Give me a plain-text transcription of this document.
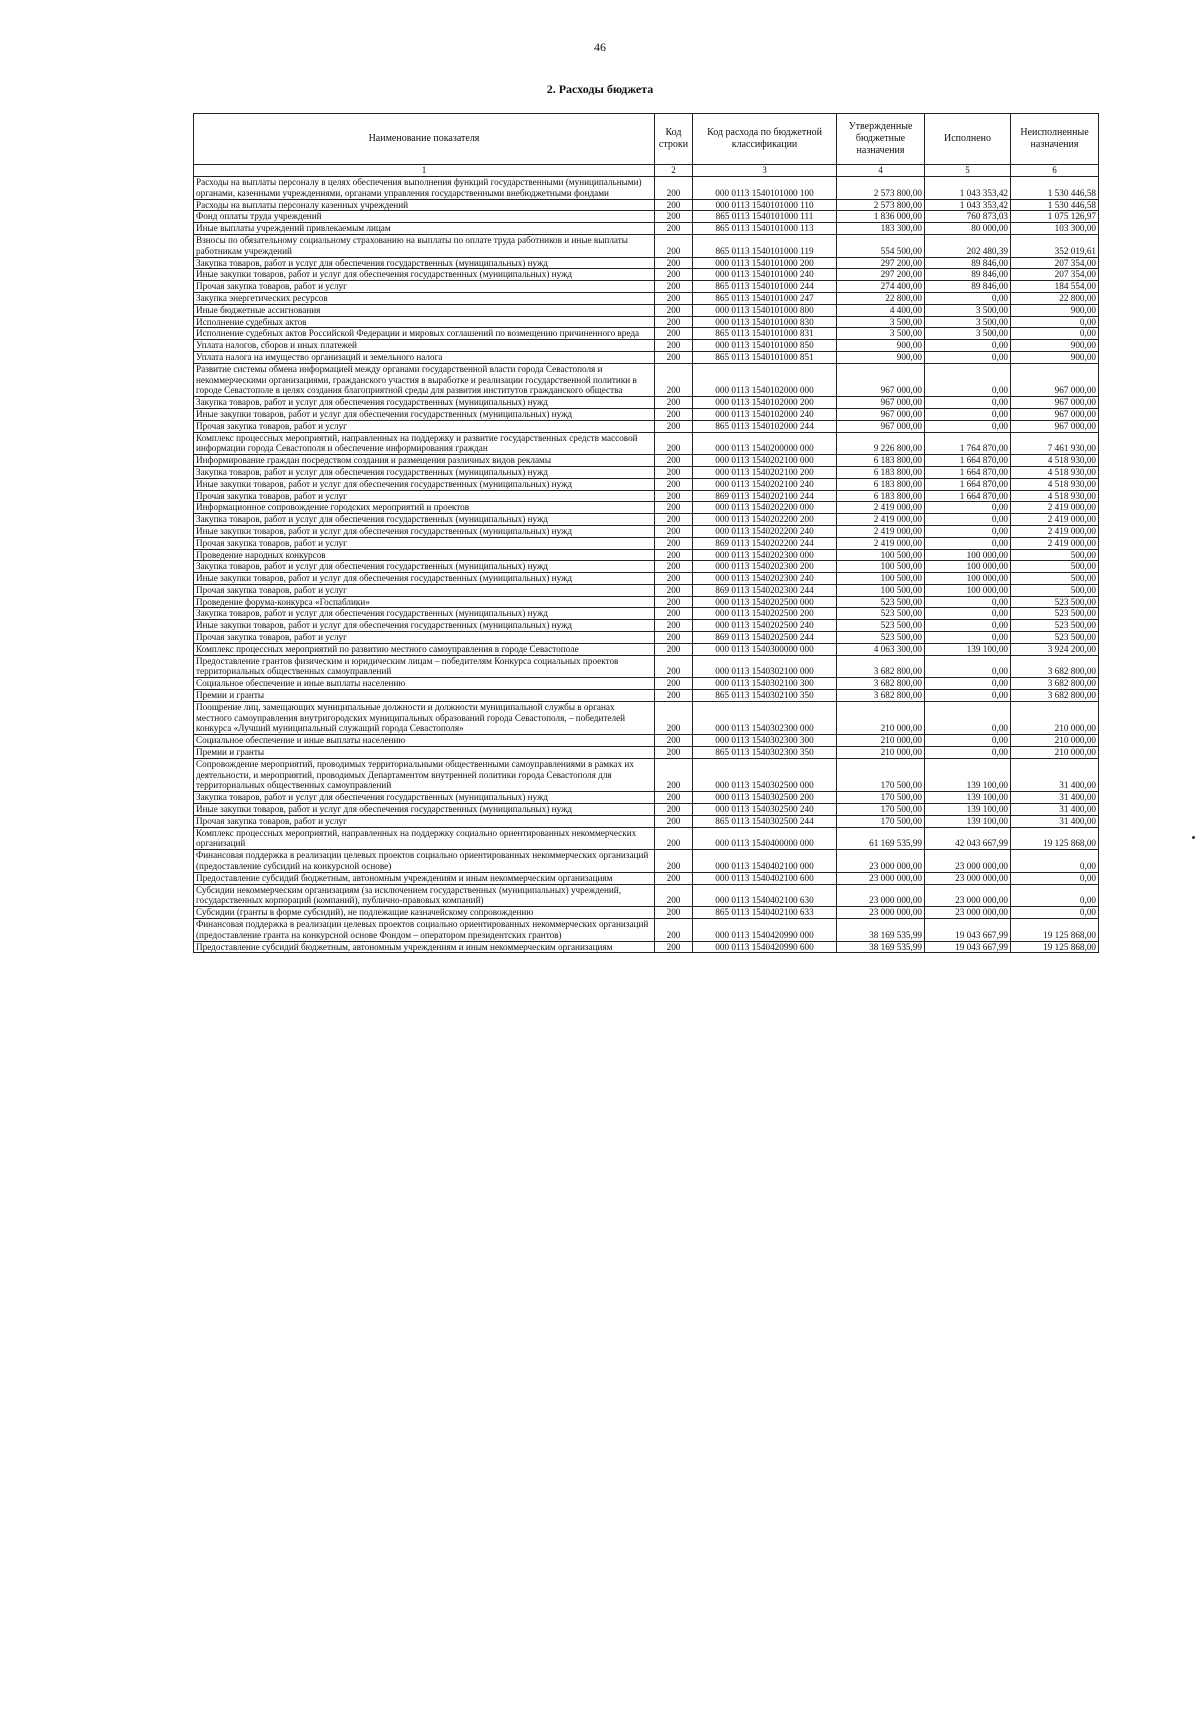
46
2. Расходы бюджета
Наименование показателя	Код строки	Код расхода по бюджетной классификации	Утвержденные бюджетные назначения	Исполнено	Неисполненные назначения
1	2	3	4	5	6
Расходы на выплаты персоналу в целях обеспечения выполнения функций государственными (муниципальными) органами, казенными учреждениями, органами управления государственными внебюджетными фондами	200	000 0113 1540101000 100	2 573 800,00	1 043 353,42	1 530 446,58
Расходы на выплаты персоналу казенных учреждений	200	000 0113 1540101000 110	2 573 800,00	1 043 353,42	1 530 446,58
Фонд оплаты труда учреждений	200	865 0113 1540101000 111	1 836 000,00	760 873,03	1 075 126,97
Иные выплаты учреждений привлекаемым лицам	200	865 0113 1540101000 113	183 300,00	80 000,00	103 300,00
Взносы по обязательному социальному страхованию на выплаты по оплате труда работников и иные выплаты работникам учреждений	200	865 0113 1540101000 119	554 500,00	202 480,39	352 019,61
Закупка товаров, работ и услуг для обеспечения государственных (муниципальных) нужд	200	000 0113 1540101000 200	297 200,00	89 846,00	207 354,00
Иные закупки товаров, работ и услуг для обеспечения государственных (муниципальных) нужд	200	000 0113 1540101000 240	297 200,00	89 846,00	207 354,00
Прочая закупка товаров, работ и услуг	200	865 0113 1540101000 244	274 400,00	89 846,00	184 554,00
Закупка энергетических ресурсов	200	865 0113 1540101000 247	22 800,00	0,00	22 800,00
Иные бюджетные ассигнования	200	000 0113 1540101000 800	4 400,00	3 500,00	900,00
Исполнение судебных актов	200	000 0113 1540101000 830	3 500,00	3 500,00	0,00
Исполнение судебных актов Российской Федерации и мировых соглашений по возмещению причиненного вреда	200	865 0113 1540101000 831	3 500,00	3 500,00	0,00
Уплата налогов, сборов и иных платежей	200	000 0113 1540101000 850	900,00	0,00	900,00
Уплата налога на имущество организаций и земельного налога	200	865 0113 1540101000 851	900,00	0,00	900,00
Развитие системы обмена информацией между органами государственной власти города Севастополя и некоммерческими организациями, гражданского участия в выработке и реализации государственной политики в городе Севастополе в целях создания благоприятной среды для развития институтов гражданского общества	200	000 0113 1540102000 000	967 000,00	0,00	967 000,00
Закупка товаров, работ и услуг для обеспечения государственных (муниципальных) нужд	200	000 0113 1540102000 200	967 000,00	0,00	967 000,00
Иные закупки товаров, работ и услуг для обеспечения государственных (муниципальных) нужд	200	000 0113 1540102000 240	967 000,00	0,00	967 000,00
Прочая закупка товаров, работ и услуг	200	865 0113 1540102000 244	967 000,00	0,00	967 000,00
Комплекс процессных мероприятий, направленных на поддержку и развитие государственных средств массовой информации города Севастополя и обеспечение информирования граждан	200	000 0113 1540200000 000	9 226 800,00	1 764 870,00	7 461 930,00
Информирование граждан посредством создания и размещения различных видов рекламы	200	000 0113 1540202100 000	6 183 800,00	1 664 870,00	4 518 930,00
Закупка товаров, работ и услуг для обеспечения государственных (муниципальных) нужд	200	000 0113 1540202100 200	6 183 800,00	1 664 870,00	4 518 930,00
Иные закупки товаров, работ и услуг для обеспечения государственных (муниципальных) нужд	200	000 0113 1540202100 240	6 183 800,00	1 664 870,00	4 518 930,00
Прочая закупка товаров, работ и услуг	200	869 0113 1540202100 244	6 183 800,00	1 664 870,00	4 518 930,00
Информационное сопровождение городских мероприятий и проектов	200	000 0113 1540202200 000	2 419 000,00	0,00	2 419 000,00
Закупка товаров, работ и услуг для обеспечения государственных (муниципальных) нужд	200	000 0113 1540202200 200	2 419 000,00	0,00	2 419 000,00
Иные закупки товаров, работ и услуг для обеспечения государственных (муниципальных) нужд	200	000 0113 1540202200 240	2 419 000,00	0,00	2 419 000,00
Прочая закупка товаров, работ и услуг	200	869 0113 1540202200 244	2 419 000,00	0,00	2 419 000,00
Проведение народных конкурсов	200	000 0113 1540202300 000	100 500,00	100 000,00	500,00
Закупка товаров, работ и услуг для обеспечения государственных (муниципальных) нужд	200	000 0113 1540202300 200	100 500,00	100 000,00	500,00
Иные закупки товаров, работ и услуг для обеспечения государственных (муниципальных) нужд	200	000 0113 1540202300 240	100 500,00	100 000,00	500,00
Прочая закупка товаров, работ и услуг	200	869 0113 1540202300 244	100 500,00	100 000,00	500,00
Проведение форума-конкурса «Госпаблики»	200	000 0113 1540202500 000	523 500,00	0,00	523 500,00
Закупка товаров, работ и услуг для обеспечения государственных (муниципальных) нужд	200	000 0113 1540202500 200	523 500,00	0,00	523 500,00
Иные закупки товаров, работ и услуг для обеспечения государственных (муниципальных) нужд	200	000 0113 1540202500 240	523 500,00	0,00	523 500,00
Прочая закупка товаров, работ и услуг	200	869 0113 1540202500 244	523 500,00	0,00	523 500,00
Комплекс процессных мероприятий по развитию местного самоуправления в городе Севастополе	200	000 0113 1540300000 000	4 063 300,00	139 100,00	3 924 200,00
Предоставление грантов физическим и юридическим лицам – победителям Конкурса социальных проектов территориальных общественных самоуправлений	200	000 0113 1540302100 000	3 682 800,00	0,00	3 682 800,00
Социальное обеспечение и иные выплаты населению	200	000 0113 1540302100 300	3 682 800,00	0,00	3 682 800,00
Премии и гранты	200	865 0113 1540302100 350	3 682 800,00	0,00	3 682 800,00
Поощрение лиц, замещающих муниципальные должности и должности муниципальной службы в органах местного самоуправления внутригородских муниципальных образований города Севастополя, – победителей конкурса «Лучший муниципальный служащий города Севастополя»	200	000 0113 1540302300 000	210 000,00	0,00	210 000,00
Социальное обеспечение и иные выплаты населению	200	000 0113 1540302300 300	210 000,00	0,00	210 000,00
Премии и гранты	200	865 0113 1540302300 350	210 000,00	0,00	210 000,00
Сопровождение мероприятий, проводимых территориальными общественными самоуправлениями в рамках их деятельности, и мероприятий, проводимых Департаментом внутренней политики города Севастополя для территориальных общественных самоуправлений	200	000 0113 1540302500 000	170 500,00	139 100,00	31 400,00
Закупка товаров, работ и услуг для обеспечения государственных (муниципальных) нужд	200	000 0113 1540302500 200	170 500,00	139 100,00	31 400,00
Иные закупки товаров, работ и услуг для обеспечения государственных (муниципальных) нужд	200	000 0113 1540302500 240	170 500,00	139 100,00	31 400,00
Прочая закупка товаров, работ и услуг	200	865 0113 1540302500 244	170 500,00	139 100,00	31 400,00
Комплекс процессных мероприятий, направленных на поддержку социально ориентированных некоммерческих организаций	200	000 0113 1540400000 000	61 169 535,99	42 043 667,99	19 125 868,00
Финансовая поддержка в реализации целевых проектов социально ориентированных некоммерческих организаций (предоставление субсидий на конкурсной основе)	200	000 0113 1540402100 000	23 000 000,00	23 000 000,00	0,00
Предоставление субсидий бюджетным, автономным учреждениям и иным некоммерческим организациям	200	000 0113 1540402100 600	23 000 000,00	23 000 000,00	0,00
Субсидии некоммерческим организациям (за исключением государственных (муниципальных) учреждений, государственных корпораций (компаний), публично-правовых компаний)	200	000 0113 1540402100 630	23 000 000,00	23 000 000,00	0,00
Субсидии (гранты в форме субсидий), не подлежащие казначейскому сопровождению	200	865 0113 1540402100 633	23 000 000,00	23 000 000,00	0,00
Финансовая поддержка в реализации целевых проектов социально ориентированных некоммерческих организаций (предоставление гранта на конкурсной основе Фондом – оператором президентских грантов)	200	000 0113 1540420990 000	38 169 535,99	19 043 667,99	19 125 868,00
Предоставление субсидий бюджетным, автономным учреждениям и иным некоммерческим организациям	200	000 0113 1540420990 600	38 169 535,99	19 043 667,99	19 125 868,00
